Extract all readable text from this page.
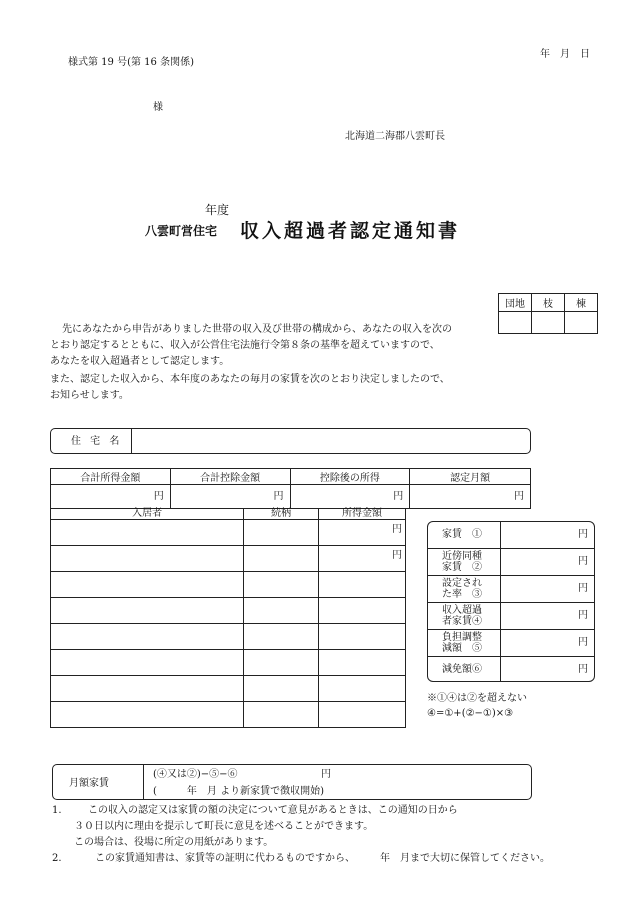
様式第 19 号(第 16 条関係)
年　月　日
様
北海道二海郡八雲町長
年度
八雲町営住宅 収入超過者認定通知書
団地	枝	棟

先にあなたから申告がありました世帯の収入及び世帯の構成から、あなたの収入を次の
とおり認定するとともに、収入が公営住宅法施行令第８条の基準を超えていますので、
あなたを収入超過者として認定します。
また、認定した収入から、本年度のあなたの毎月の家賃を次のとおり決定しましたので、
お知らせします。
住 宅 名
合計所得金額	合計控除金額	控除後の所得	認定月額
円	円	円	円
入居者	続柄	所得金額
		円
		円

家賃　①	円
近傍同種
家賃　②	円
設定され
た率　③	円
収入超過
者家賃④	円
負担調整
減額　⑤	円
減免額⑥	円
※①④は②を超えない
④=①+(②−①)×③
月額家賃
(④又は②)−⑤−⑥	円
(　　　年　月 より新家賃で徴収開始)
1.	この収入の認定又は家賃の額の決定について意見があるときは、この通知の日から
３０日以内に理由を提示して町長に意見を述べることができます。
この場合は、役場に所定の用紙があります。
2.	この家賃通知書は、家賃等の証明に代わるものですから、　　　年　月まで大切に保管してください。
